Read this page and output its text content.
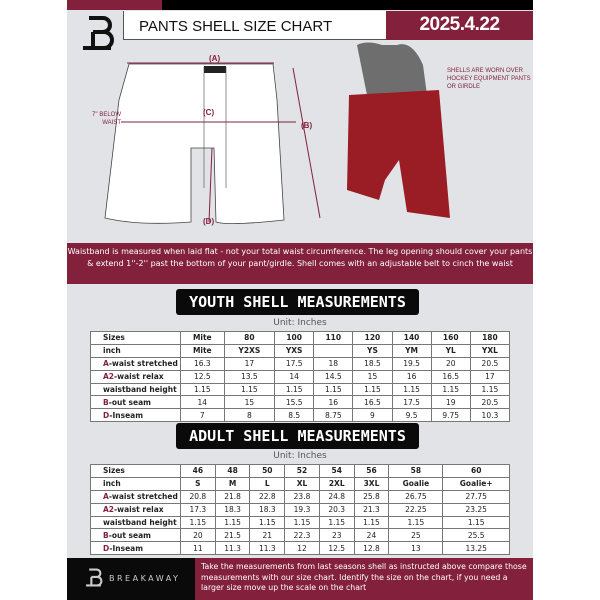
PANTS SHELL SIZE CHART	2025.4.22
(A)
(C)
(B)
(D)
7'' BELOW WAIST
SHELLS ARE WORN OVER HOCKEY EQUIPMENT PANTS OR GIRDLE
Waistband is measured when laid flat - not your total waist circumference. The leg opening should cover your pants & extend 1''-2'' past the bottom of your pant/girdle. Shell comes with an adjustable belt to cinch the waist
YOUTH SHELL MEASUREMENTS
Unit: Inches
Sizes	Mite	80	100	110	120	140	160	180
inch	Mite	Y2XS	YXS		YS	YM	YL	YXL
A-waist stretched	16.3	17	17.5	18	18.5	19.5	20	20.5
A2-waist relax	12.5	13.5	14	14.5	15	16	16.5	17
waistband height	1.15	1.15	1.15	1.15	1.15	1.15	1.15	1.15
B-out seam	14	15	15.5	16	16.5	17.5	19	20.5
D-Inseam	7	8	8.5	8.75	9	9.5	9.75	10.3
ADULT SHELL MEASUREMENTS
Unit: Inches
Sizes	46	48	50	52	54	56	58	60
inch	S	M	L	XL	2XL	3XL	Goalie	Goalie+
A-waist stretched	20.8	21.8	22.8	23.8	24.8	25.8	26.75	27.75
A2-waist relax	17.3	18.3	18.3	19.3	20.3	21.3	22.25	23.25
waistband height	1.15	1.15	1.15	1.15	1.15	1.15	1.15	1.15
B-out seam	20	21.5	21	22.3	23	24	25	25.5
D-Inseam	11	11.3	11.3	12	12.5	12.8	13	13.25
Take the measurements from last seasons shell as instructed above compare those measurements with our size chart. Identify the size on the chart, if you need a larger size move up the scale on the chart
BREAKAWAY
